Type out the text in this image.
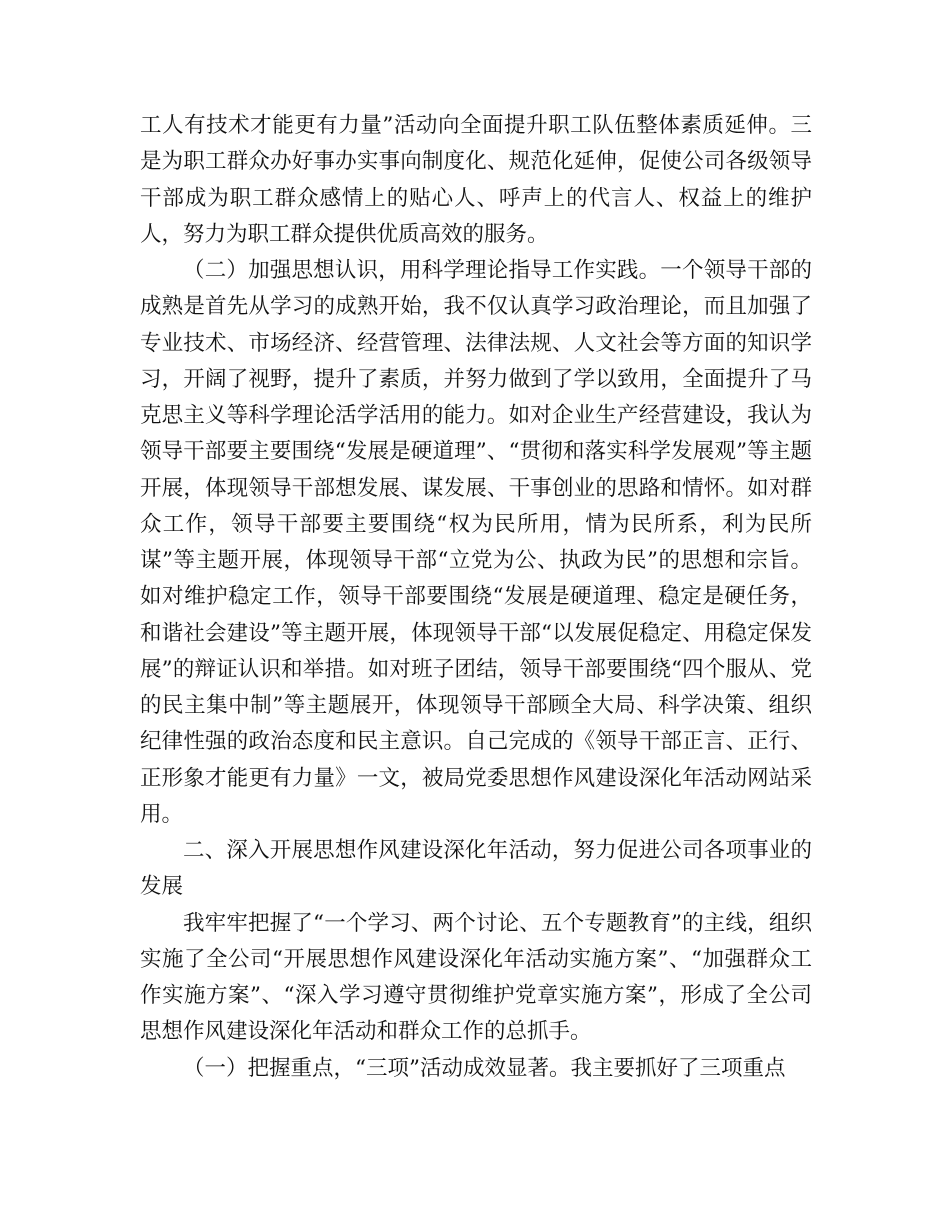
工人有技术才能更有力量”活动向全面提升职工队伍整体素质延伸。三是为职工群众办好事办实事向制度化、规范化延伸，促使公司各级领导干部成为职工群众感情上的贴心人、呼声上的代言人、权益上的维护人，努力为职工群众提供优质高效的服务。

（二）加强思想认识，用科学理论指导工作实践。一个领导干部的成熟是首先从学习的成熟开始，我不仅认真学习政治理论，而且加强了专业技术、市场经济、经营管理、法律法规、人文社会等方面的知识学习，开阔了视野，提升了素质，并努力做到了学以致用，全面提升了马克思主义等科学理论活学活用的能力。如对企业生产经营建设，我认为领导干部要主要围绕“发展是硬道理”、“贯彻和落实科学发展观”等主题开展，体现领导干部想发展、谋发展、干事创业的思路和情怀。如对群众工作，领导干部要主要围绕“权为民所用，情为民所系，利为民所谋”等主题开展，体现领导干部“立党为公、执政为民”的思想和宗旨。如对维护稳定工作，领导干部要围绕“发展是硬道理、稳定是硬任务，和谐社会建设”等主题开展，体现领导干部“以发展促稳定、用稳定保发展”的辩证认识和举措。如对班子团结，领导干部要围绕“四个服从、党的民主集中制”等主题展开，体现领导干部顾全大局、科学决策、组织纪律性强的政治态度和民主意识。自己完成的《领导干部正言、正行、正形象才能更有力量》一文，被局党委思想作风建设深化年活动网站采用。

二、深入开展思想作风建设深化年活动，努力促进公司各项事业的发展

我牢牢把握了“一个学习、两个讨论、五个专题教育”的主线，组织实施了全公司“开展思想作风建设深化年活动实施方案”、“加强群众工作实施方案”、“深入学习遵守贯彻维护党章实施方案”，形成了全公司思想作风建设深化年活动和群众工作的总抓手。

（一）把握重点，“三项”活动成效显著。我主要抓好了三项重点
